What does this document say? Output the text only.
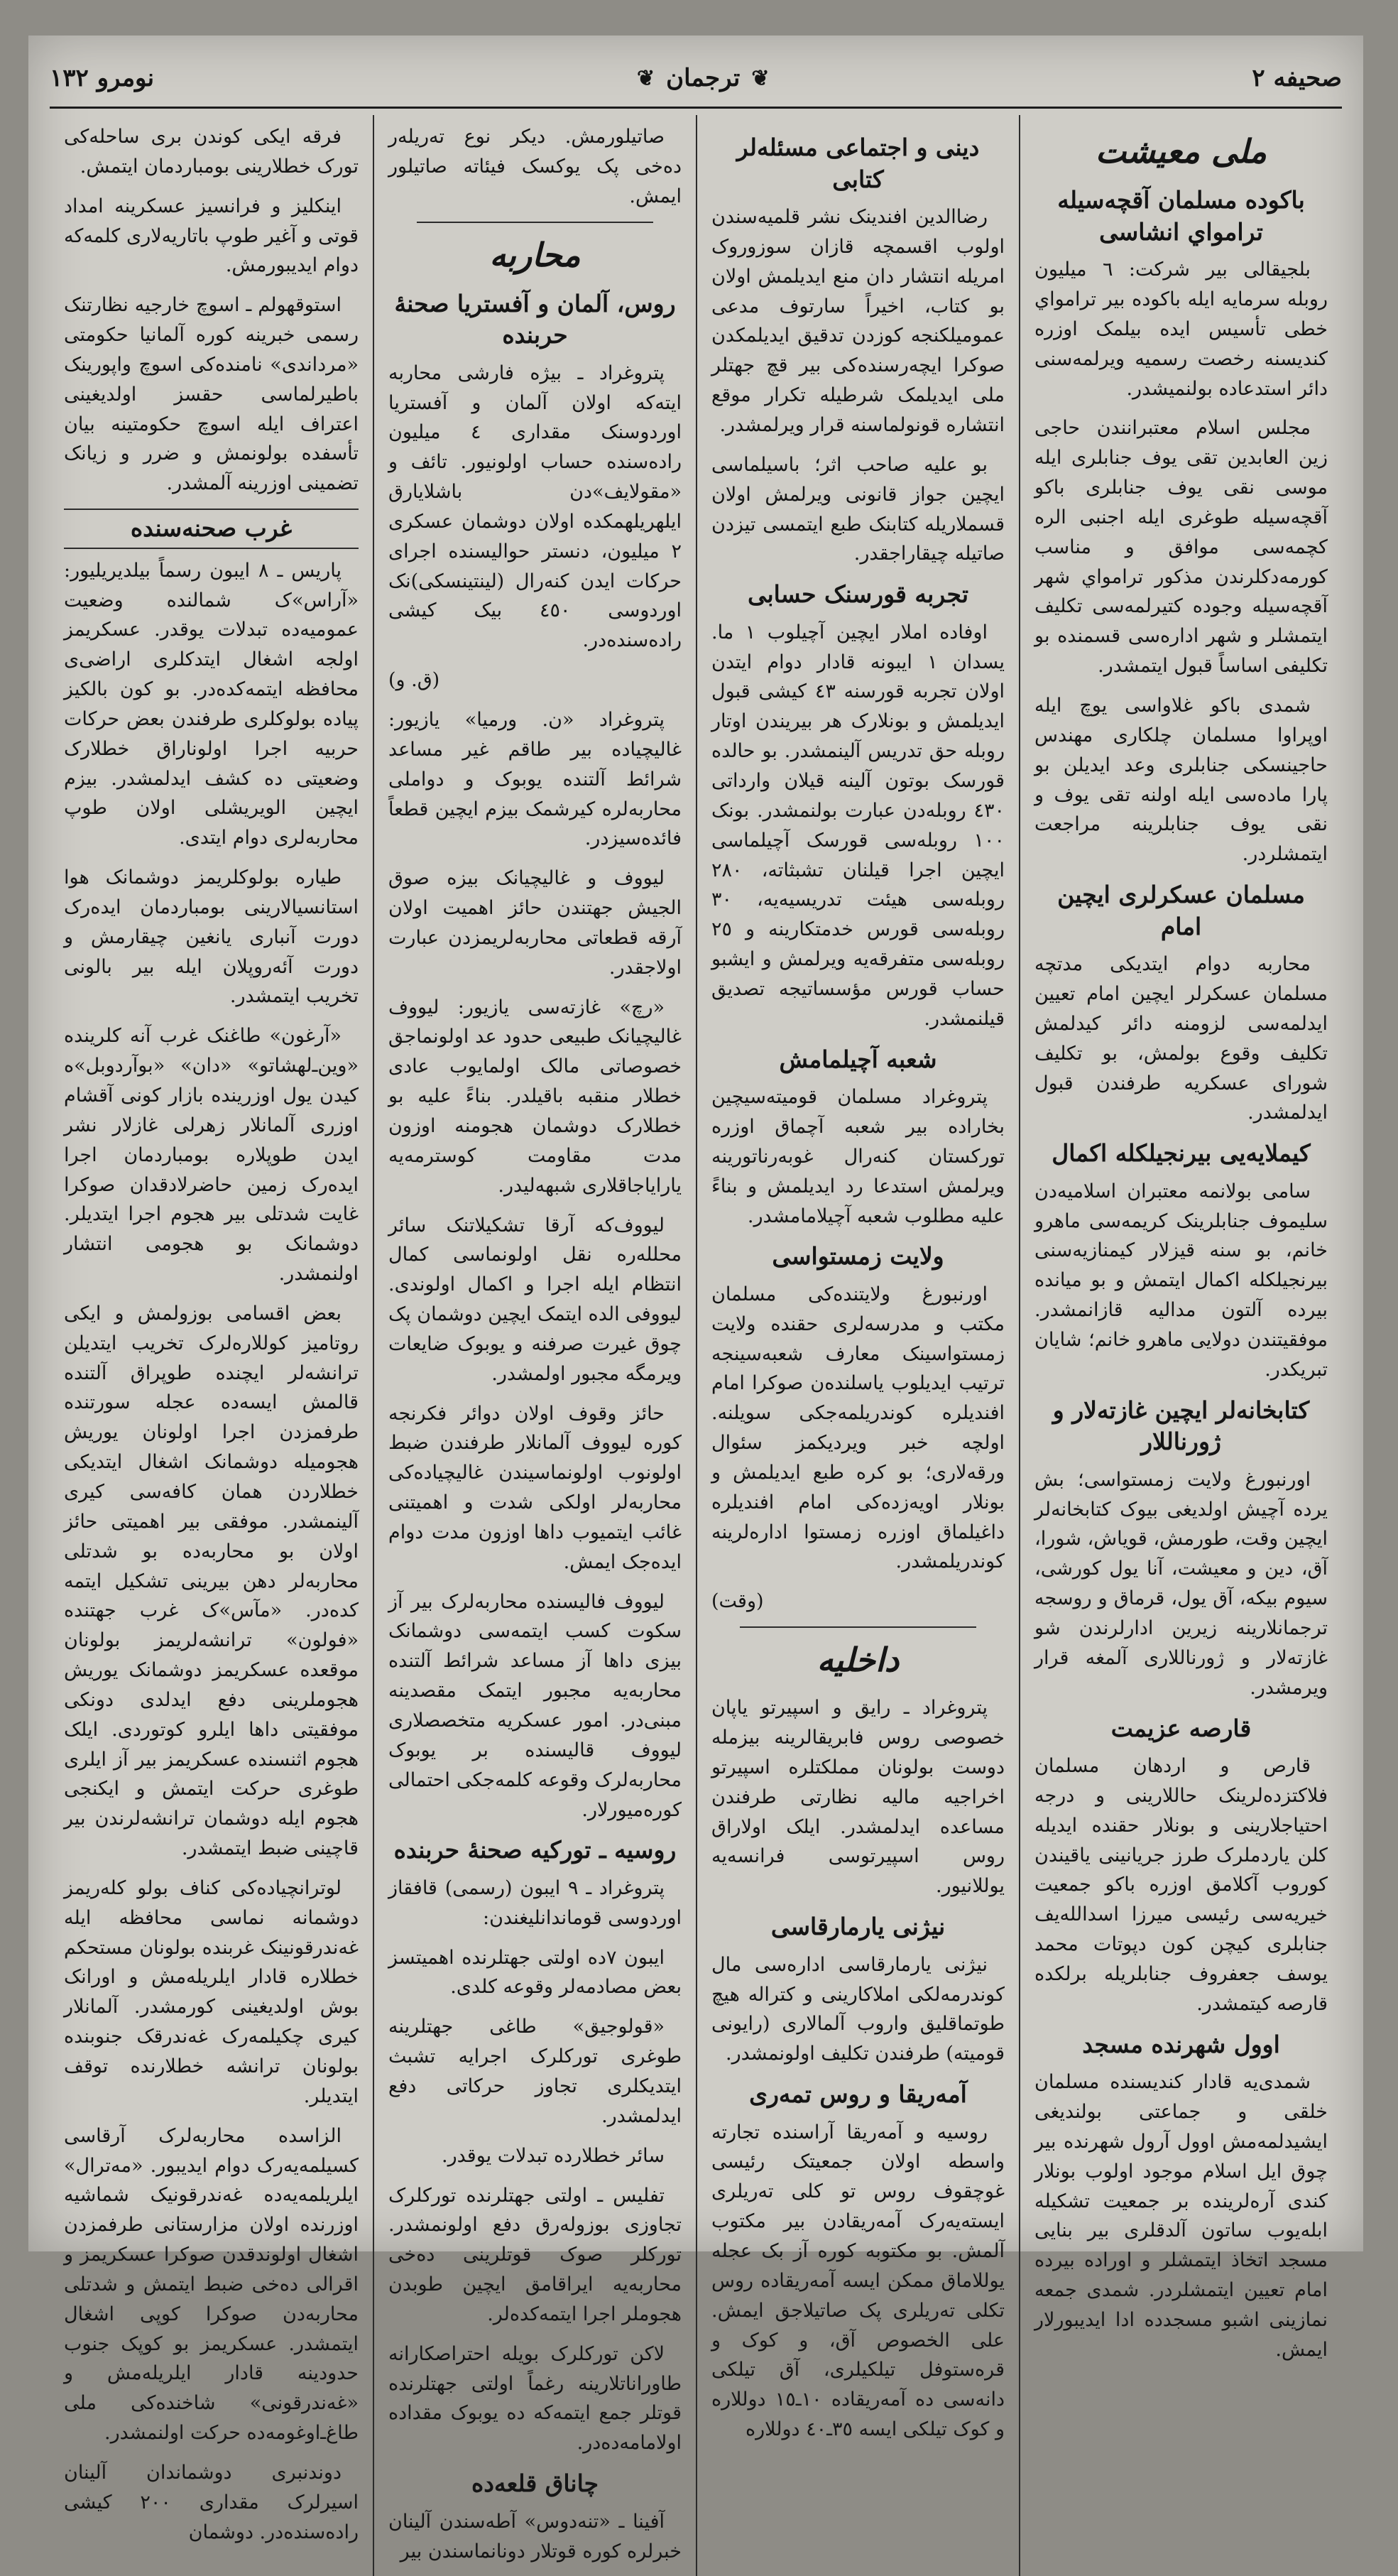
صحیفه ٢
❦
ترجمان
❦
نومرو ١٣٢
ملی معیشت
باکوده مسلمان آقچه‌سیله ترامواي انشاسی

بلجیقالی بیر شرکت: ٦ میلیون روبله سرمایه ایله باکوده بیر ترامواي خطی تأسیس ایده بیلمک اوزره کندیسنه رخصت رسمیه ویرلمه‌سنی دائر استدعاده بولنمیشدر.

مجلس اسلام معتبرانندن حاجی زین العابدین تقی یوف جنابلری ایله موسی نقی یوف جنابلری باکو آقچه‌سیله طوغری ایله اجنبی الره کچمه‌سی موافق و مناسب کورمه‌دکلرندن مذکور ترامواي شهر آقچه‌سیله وجوده کتیرلمه‌سی تکلیف ایتمشلر و شهر اداره‌سی قسمنده بو تکلیفی اساساً قبول ایتمشدر.

شمدی باکو غلاواسی یوچ ایله اوپراوا مسلمان چلکاری مهندس حاجینسکی جنابلری وعد ایدیلن بو پارا ماده‌سی ایله اولنه تقی یوف و نقی یوف جنابلرینه مراجعت ایتمشلردر.

مسلمان عسکرلری ایچین امام

محاربه دوام ایتدیکی مدتچه مسلمان عسکرلر ایچین امام تعیین ایدلمه‌سی لزومنه دائر کیدلمش تکلیف وقوع بولمش، بو تکلیف شورای عسکریه طرفندن قبول ایدلمشدر.

کیملایه‌یی بیرنجیلکله اکمال

سامی بولانمه معتبران اسلامیه‌دن سلیموف جنابلرینک کریمه‌سی ماهرو خانم، بو سنه قیزلار کیمنازیه‌سنی بیرنجیلکله اکمال ایتمش و بو میانده بیرده آلتون مدالیه قازانمشدر. موفقیتندن دولایی ماهرو خانم؛ شایان تبریکدر.

کتابخانه‌لر ایچین غازته‌لار و ژورناللار

اورنبورغ ولایت زمستواسی؛ بش یرده آچیش اولدیغی بیوک کتابخانه‌لر ایچین وقت، طورمش، قویاش، شورا، آق، دین و معیشت، آنا یول کورشی، سیوم بیکه، آق یول، قرماق و روسجه ترجمانلارینه زیرین ادارلرندن شو غازته‌لار و ژورناللاری آلمغه قرار ویرمشدر.

قارصه عزیمت

قارص و اردهان مسلمان فلاکتزده‌لرینک حاللارینی و درجه احتیاجلارینی و بونلار حقنده ایدیله کلن یاردملرک طرز جریانینی یاقیندن کوروب آکلامق اوزره باکو جمعیت خیریه‌سی رئیسی میرزا اسدالله‌یف جنابلری کیچن کون دپوتات محمد یوسف جعفروف جنابلریله برلکده قارصه کیتمشدر.

اوول شهرنده مسجد

شمدی‌یه قادار کندیسنده مسلمان خلقی و جماعتی بولندیغی ایشیدلمه‌مش اوول آرول شهرنده بیر چوق ایل اسلام موجود اولوب بونلار کندی آره‌لرینده بر جمعیت تشکیله ابله‌یوب ساتون آلدقلری بیر بنایی مسجد اتخاذ ایتمشلر و اوراده بیرده امام تعیین ایتمشلردر. شمدی جمعه نمازینی اشبو مسجدده ادا ایدیبورلار ایمش.

دینی و اجتماعی مسئله‌لر کتابی

رضاالدین افندینک نشر قلمیه‌سندن اولوب اقسمچه قازان سوزوروک امریله انتشار دان منع ایدیلمش اولان بو کتاب، اخیراً سارتوف مدعی عمومیلکنجه کوزدن تدقیق ایدیلمکدن صوکرا ایچه‌رسنده‌کی بیر قچ جهتلر ملی ایدیلمک شرطیله تکرار موقع انتشاره قونولماسنه قرار ویرلمشدر.

بو علیه صاحب اثر؛ باسیلماسی ایچین جواز قانونی ویرلمش اولان قسملاریله کتابنک طبع ایتمسی تیزدن صاتیله چیقاراجقدر.

تجربه قورسنک حسابی

اوفاده املار ایچین آچیلوب ١ ما. یسدان ١ ایبونه قادار دوام ایتدن اولان تجربه قورسنه ٤٣ کیشی قبول ایدیلمش و بونلارک هر بیریندن اوتار روبله حق تدریس آلینمشدر. بو حالده قورسک بوتون آلینه قیلان وارداتی ٤٣٠ روبله‌دن عبارت بولنمشدر. بونک ١٠٠ روبله‌سی قورسک آچیلماسی ایچین اجرا قیلنان تشبثاته، ٢٨٠ روبله‌سی هیئت تدریسیه‌یه، ٣٠ روبله‌سی قورس خدمتکارینه و ٢٥ روبله‌سی متفرقه‌یه ویرلمش و ایشبو حساب قورس مؤسساتیجه تصدیق قیلنمشدر.

شعبه آچیلمامش

پتروغراد مسلمان قومیته‌سیچین بخاراده بیر شعبه آچماق اوزره تورکستان کنه‌رال غوبه‌رناتورینه ویرلمش استدعا رد ایدیلمش و بناءً علیه مطلوب شعبه آچیلامامشدر.

ولایت زمستواسی

اورنبورغ ولایتنده‌کی مسلمان مکتب و مدرسه‌لری حقنده ولایت زمستواسینک معارف شعبه‌سینجه ترتیب ایدیلوب یاسلنده‌ن صوکرا امام افندیلره کوندریلمه‌جکی سویلنه. اولچه خبر ویردیکمز سئوال ورقه‌لاری؛ بو کره طبع ایدیلمش و بونلار اویه‌زده‌کی امام افندیلره داغیلماق اوزره زمستوا اداره‌لرینه کوندریلمشدر.

(وقت)

داخلیه

پتروغراد ـ رایق و اسپیرتو یاپان خصوصی روس فابریقالرینه بیزمله دوست بولونان مملکتلره اسپیرتو اخراجیه مالیه نظارتی طرفندن مساعده ایدلمشدر. ایلک اولاراق روس اسپیرتوسی فرانسه‌یه یوللانیور.

نیژنی یارمارقاسی

نیژنی یارمارقاسی اداره‌سی مال کوندرمه‌لکی املاکارینی و کتراله هیچ طوتماقلیق واروب آلمالاری (رایونی قومیته) طرفندن تکلیف اولونمشدر.

آمه‌ریقا و روس تمه‌ری

روسیه و آمه‌ریقا آراسنده تجارته واسطه اولان جمعیتک رئیسی غوچقوف روس تو کلی ته‌ریلری ایسته‌یه‌رک آمه‌ریقادن بیر مکتوب آلمش. بو مکتوبه کوره آز بک عجله یوللاماق ممکن ایسه آمه‌ریقاده روس تکلی ته‌ریلری پک صاتیلاجق ایمش. علی الخصوص آق، و کوک و قره‌ستوفل تیلکیلری، آق تیلکی دانه‌سی ده آمه‌ریقاده ١٠ـ١٥ دوللاره و کوک تیلکی ایسه ٣٥ـ٤٠ دوللاره

صاتیلورمش. دیکر نوع ته‌ریله‌ر ده‌خی پک یوکسک فیئاته صاتیلور ایمش.

محاربه
روس، آلمان و آفستریا صحنهٔ حربنده

پتروغراد ـ بیژه فارشی محاربه ایته‌که اولان آلمان و آفستریا اوردوسنک مقداری ٤ میلیون راده‌سنده حساب اولونیور. تائف و «مقولایف»دن باشلایارق ایلهریلهمکده اولان دوشمان عسکری ٢ میلیون، دنستر حوالیسنده اجرای حرکات ایدن کنه‌رال (لینتینسکی)نک اوردوسی ٤٥٠ بیک کیشی راده‌سنده‌در.

(ق. و)

پتروغراد «ن. ورمیا» یازیور: غالیچیاده بیر طاقم غیر مساعد شرائط آلتنده یوبوک و دواملی محاربه‌لره کیرشمک بیزم ایچین قطعاً فائده‌سیزدر.

لیووف و غالیچیانک بیزه صوق الجیش جهتندن حائز اهمیت اولان آرقه قطعاتی محاربه‌لریمزدن عبارت اولاجقدر.

«رچ» غازته‌سی یازیور: لیووف غالیچیانک طبیعی حدود عد اولونماجق خصوصاتی مالک اولمایوب عادی خطلار منقبه باقیلدر. بناءً علیه بو خطلارک دوشمان هجومنه اوزون مدت مقاومت کوسترمه‌یه یارایاجاقلاری شبهه‌لیدر.

لیووف‌که آرقا تشکیلاتنک سائر محلله‌ره نقل اولونماسی کمال انتظام ایله اجرا و اکمال اولوندی. لیووفی الده ایتمک ایچین دوشمان پک چوق غیرت صرفنه و یوبوک ضایعات ویرمگه مجبور اولمشدر.

حائز وقوف اولان دوائر فکرنجه کوره لیووف آلمانلار طرفندن ضبط اولونوب اولونماسیندن غالیچیاده‌کی محاربه‌لر اولکی شدت و اهمیتنی غائب ایتمیوب داها اوزون مدت دوام ایده‌جک ایمش.

لیووف فالیسنده محاربه‌لرک بیر آز سکوت کسب ایتمه‌سی دوشمانک بیزی داها آز مساعد شرائط آلتنده محاربه‌یه مجبور ایتمک مقصدینه مبنی‌در. امور عسکریه متخصصلاری لیووف قالیسنده بر یوبوک محاربه‌لرک وقوعه کلمه‌جکی احتمالی کوره‌میورلار.

روسیه ـ تورکیه صحنهٔ حربنده

پتروغراد ـ ٩ ایبون (رسمی) قافقاز اوردوسی قوماندانلیغندن:

ایبون ٧ده اولتی جهتلرنده اهمیتسز بعض مصادمه‌لر وقوعه کلدی.

«قولوجیق» طاغی جهتلرینه طوغری تورکلرک اجرایه تشبث ایتدیکلری تجاوز حرکاتی دفع ایدلمشدر.

سائر خطلارده تبدلات یوقدر.

تفلیس ـ اولتی جهتلرنده تورکلرک تجاوزی بوزوله‌رق دفع اولونمشدر. تورکلر صوک قوتلرینی ده‌خی محاربه‌یه ایراقامق ایچین طوبدن هجوملر اجرا ایتمه‌کده‌لر.

لاکن تورکلرک بویله احتراصکارانه طاوراناتلارینه رغماً اولتی جهتلرنده قوتلر جمع ایتمه‌که ده یوبوک مقداده اولامامه‌ده‌در.

چاناق قلعه‌ده

آفینا ـ «تنه‌دوس» آطه‌سندن آلینان خبرلره کوره قوتلار دونانماسندن بیر

فرقه ایکی کوندن بری ساحله‌کی تورک خطلارینی بومباردمان ایتمش.

اینکلیز و فرانسیز عسکرینه امداد قوتی و آغیر طوپ باتاریه‌لاری کلمه‌که دوام ایدیبورمش.

استوقهولم ـ اسوچ خارجیه نظارتنک رسمی خبرینه کوره آلمانیا حکومتی «مرداندی» نامنده‌کی اسوچ واپورینک باطیرلماسی حقسز اولدیغینی اعتراف ایله اسوچ حکومتینه بیان تأسفده بولونمش و ضرر و زیانک تضمینی اوزرینه آلمشدر.

غرب صحنه‌سنده

پاریس ـ ٨ ایبون رسماً بیلدیریلیور: «آراس»ک شمالنده وضعیت عمومیه‌ده تبدلات یوقدر. عسکریمز اولجه اشغال ایتدکلری اراضی‌ی محافظه ایتمه‌کده‌در. بو کون بالکیز پیاده بولوکلری طرفندن بعض حرکات حربیه اجرا اولوناراق خطلارک وضعیتی ده کشف ایدلمشدر. بیزم ایچین الویریشلی اولان طوپ محاربه‌لری دوام ایتدی.

طیاره بولوکلریمز دوشمانک هوا استانسیالارینی بومباردمان ایده‌رک دورت آنباری یانغین چیقارمش و دورت آئه‌روپلان ایله بیر بالونی تخریب ایتمشدر.

«آرغون» طاغنک غرب آنه کلرینده «وین‌ـ‌لهشاتو» «دان» «بوآردوبل»ه کیدن یول اوزرینده بازار کونی آقشام اوزری آلمانلار زهرلی غازلار نشر ایدن طوپلاره بومباردمان اجرا ایده‌رک زمین حاضرلادقدان صوکرا غایت شدتلی بیر هجوم اجرا ایتدیلر. دوشمانک بو هجومی انتشار اولنمشدر.

بعض اقسامی بوزولمش و ایکی روتامیز کوللاره‌لرک تخریب ایتدیلن ترانشه‌لر ایچنده طوپراق آلتنده قالمش ایسه‌ده عجله سورتنده طرفمزدن اجرا اولونان یوریش هجومیله دوشمانک اشغال ایتدیکی خطلاردن همان کافه‌سی کیری آلینمشدر. موفقی بیر اهمیتی حائز اولان بو محاربه‌ده بو شدتلی محاربه‌لر دهن بیرینی تشکیل ایتمه کده‌در. «مآس»ک غرب جهتنده «فولون» ترانشه‌لریمز بولونان موقعده عسکریمز دوشمانک یوریش هجوملرینی دفع ایدلدی دونکی موفقیتی داها ایلرو کوتوردی. ایلک هجوم اثنسنده عسکریمز بیر آز ایلری طوغری حرکت ایتمش و ایکنجی هجوم ایله دوشمان ترانشه‌لرندن بیر قاچینی ضبط ایتمشدر.

لوترانچیاده‌کی کناف بولو کله‌ریمز دوشمانه نماسی محافظه ایله غه‌ندرقونینک غربنده بولونان مستحکم خطلاره قادار ایلریله‌مش و اورانک بوش اولدیغینی کورمشدر. آلمانلار کیری چکیلمه‌رک غه‌ندرقک جنوبنده بولونان ترانشه خطلارنده توقف ایتدیلر.

الزاسده محاربه‌لرک آرقاسی کسیلمه‌یه‌رک دوام ایدیبور. «مه‌ترال» ایلریلمه‌یه‌ده غه‌ندرقونیک شماشیه اوزرنده اولان مزارستانی طرفمزدن اشغال اولوندقدن صوکرا عسکریمز و اقرالی ده‌خی ضبط ایتمش و شدتلی محاربه‌دن صوکرا کوپی اشغال ایتمشدر. عسکریمز بو کوپک جنوب حدودینه قادار ایلریله‌مش و «غه‌ندرقونی» شاخنده‌کی ملی طاغ‌ـ‌اوغومه‌ده حرکت اولنمشدر.

دوندنبری دوشماندان آلینان اسیرلرک مقداری ٢٠٠ کیشی راده‌سنده‌در. دوشمان
